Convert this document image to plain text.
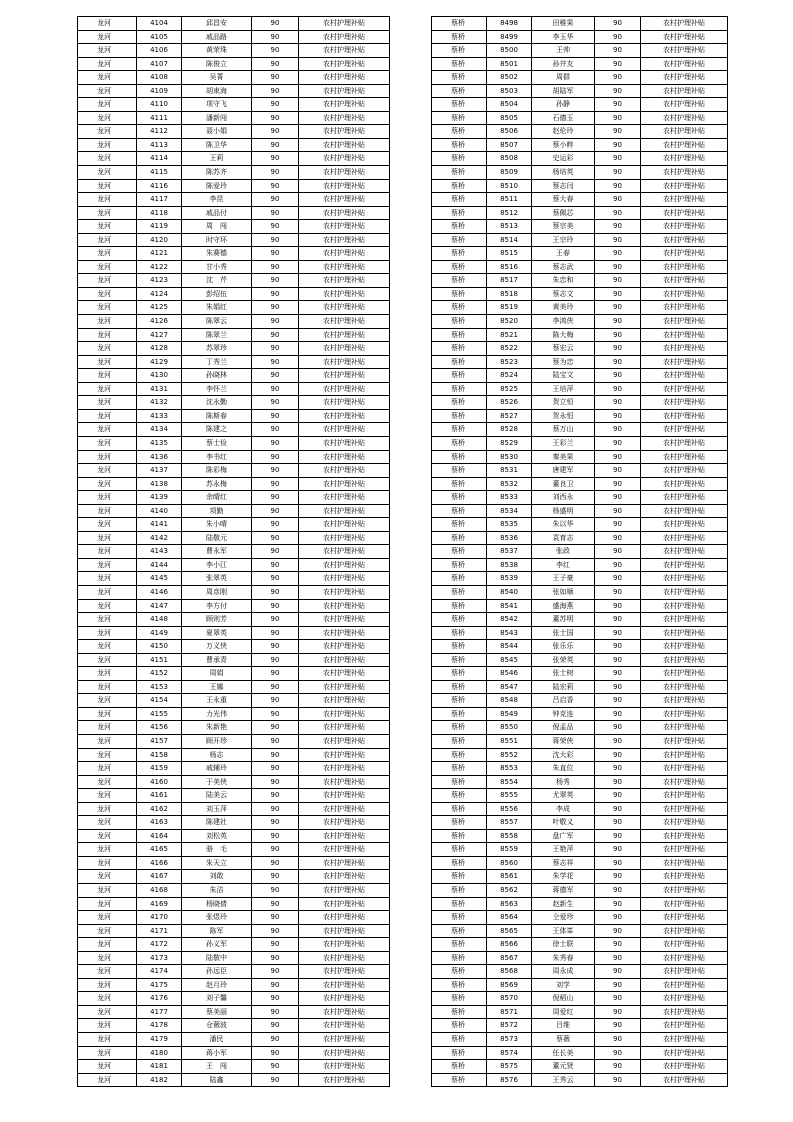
龙河	4104	邱昌安	90	农村护理补贴
龙河	4105	戚品路	90	农村护理补贴
龙河	4106	黄荣珠	90	农村护理补贴
龙河	4107	陈俊立	90	农村护理补贴
龙河	4108	吴菁	90	农村护理补贴
龙河	4109	胡束海	90	农村护理补贴
龙河	4110	项守飞	90	农村护理补贴
龙河	4111	潘新闯	90	农村护理补贴
龙河	4112	聂小娟	90	农村护理补贴
龙河	4113	陈卫华	90	农村护理补贴
龙河	4114	王莉	90	农村护理补贴
龙河	4115	陈苏齐	90	农村护理补贴
龙河	4116	陈爱玲	90	农村护理补贴
龙河	4117	李昆	90	农村护理补贴
龙河	4118	戚品付	90	农村护理补贴
龙河	4119	周　闯	90	农村护理补贴
龙河	4120	时守环	90	农村护理补贴
龙河	4121	朱赛德	90	农村护理补贴
龙河	4122	甘小秀	90	农村护理补贴
龙河	4123	沈　芹	90	农村护理补贴
龙河	4124	彭绍伍	90	农村护理补贴
龙河	4125	朱娟红	90	农村护理补贴
龙河	4126	陈翠云	90	农村护理补贴
龙河	4127	陈翠兰	90	农村护理补贴
龙河	4128	苏翠珍	90	农村护理补贴
龙河	4129	丁秀兰	90	农村护理补贴
龙河	4130	孙晓林	90	农村护理补贴
龙河	4131	李怀兰	90	农村护理补贴
龙河	4132	沈永勤	90	农村护理补贴
龙河	4133	陈斯春	90	农村护理补贴
龙河	4134	陈建之	90	农村护理补贴
龙河	4135	蔡士俭	90	农村护理补贴
龙河	4136	李书红	90	农村护理补贴
龙河	4137	陈彩梅	90	农村护理补贴
龙河	4138	苏永梅	90	农村护理补贴
龙河	4139	余晴红	90	农村护理补贴
龙河	4140	项勤	90	农村护理补贴
龙河	4141	朱小晴	90	农村护理补贴
龙河	4142	陆敬元	90	农村护理补贴
龙河	4143	曹永军	90	农村护理补贴
龙河	4144	李小江	90	农村护理补贴
龙河	4145	张翠英	90	农村护理补贴
龙河	4146	周彦刚	90	农村护理补贴
龙河	4147	李方付	90	农村护理补贴
龙河	4148	顾则芳	90	农村护理补贴
龙河	4149	夏翠英	90	农村护理补贴
龙河	4150	万义侠	90	农村护理补贴
龙河	4151	曹承青	90	农村护理补贴
龙河	4152	周娟	90	农村护理补贴
龙河	4153	王娜	90	农村护理补贴
龙河	4154	王永重	90	农村护理补贴
龙河	4155	力光伟	90	农村护理补贴
龙河	4156	朱新艳	90	农村护理补贴
龙河	4157	顾开珍	90	农村护理补贴
龙河	4158	杨志	90	农村护理补贴
龙河	4159	戚辅玲	90	农村护理补贴
龙河	4160	于美侠	90	农村护理补贴
龙河	4161	陆美云	90	农村护理补贴
龙河	4162	刘玉萍	90	农村护理补贴
龙河	4163	陈建社	90	农村护理补贴
龙河	4164	刘松英	90	农村护理补贴
龙河	4165	骆　毛	90	农村护理补贴
龙河	4166	朱天立	90	农村护理补贴
龙河	4167	刘敢	90	农村护理补贴
龙河	4168	朱洁	90	农村护理补贴
龙河	4169	杨晓倩	90	农村护理补贴
龙河	4170	张煜玲	90	农村护理补贴
龙河	4171	陈军	90	农村护理补贴
龙河	4172	孙义军	90	农村护理补贴
龙河	4173	陆敬中	90	农村护理补贴
龙河	4174	孙远臣	90	农村护理补贴
龙河	4175	赵月玲	90	农村护理补贴
龙河	4176	刘子馨	90	农村护理补贴
龙河	4177	蔡美丽	90	农村护理补贴
龙河	4178	仓薇波	90	农村护理补贴
龙河	4179	潘民	90	农村护理补贴
龙河	4180	蒋小军	90	农村护理补贴
龙河	4181	王　闯	90	农村护理补贴
龙河	4182	陆鑫	90	农村护理补贴
蔡桥	8498	田稚果	90	农村护理补贴
蔡桥	8499	李玉华	90	农村护理补贴
蔡桥	8500	王帅	90	农村护理补贴
蔡桥	8501	孙井友	90	农村护理补贴
蔡桥	8502	周群	90	农村护理补贴
蔡桥	8503	胡陆军	90	农村护理补贴
蔡桥	8504	孙静	90	农村护理补贴
蔡桥	8505	石德玉	90	农村护理补贴
蔡桥	8506	赵伦玲	90	农村护理补贴
蔡桥	8507	蔡小粹	90	农村护理补贴
蔡桥	8508	史运彩	90	农村护理补贴
蔡桥	8509	杨培英	90	农村护理补贴
蔡桥	8510	蔡志闫	90	农村护理补贴
蔡桥	8511	蔡大春	90	农村护理补贴
蔡桥	8512	蔡佩芯	90	农村护理补贴
蔡桥	8513	蔡宗美	90	农村护理补贴
蔡桥	8514	王宗玲	90	农村护理补贴
蔡桥	8515	王春	90	农村护理补贴
蔡桥	8516	蔡志武	90	农村护理补贴
蔡桥	8517	朱忠和	90	农村护理补贴
蔡桥	8518	蔡志文	90	农村护理补贴
蔡桥	8519	黄美玲	90	农村护理补贴
蔡桥	8520	李鸿侠	90	农村护理补贴
蔡桥	8521	陈大梅	90	农村护理补贴
蔡桥	8522	蔡宏云	90	农村护理补贴
蔡桥	8523	蔡为忠	90	农村护理补贴
蔡桥	8524	陆宝文	90	农村护理补贴
蔡桥	8525	王培萍	90	农村护理补贴
蔡桥	8526	贺立恒	90	农村护理补贴
蔡桥	8527	贺永恒	90	农村护理补贴
蔡桥	8528	蔡万山	90	农村护理补贴
蔡桥	8529	王彩兰	90	农村护理补贴
蔡桥	8530	秦美果	90	农村护理补贴
蔡桥	8531	唐建军	90	农村护理补贴
蔡桥	8532	董良卫	90	农村护理补贴
蔡桥	8533	刘西永	90	农村护理补贴
蔡桥	8534	杨盛明	90	农村护理补贴
蔡桥	8535	朱以华	90	农村护理补贴
蔡桥	8536	袁育志	90	农村护理补贴
蔡桥	8537	张政	90	农村护理补贴
蔡桥	8538	李红	90	农村护理补贴
蔡桥	8539	王子豪	90	农村护理补贴
蔡桥	8540	张如顺	90	农村护理补贴
蔡桥	8541	盛海燕	90	农村护理补贴
蔡桥	8542	董苏明	90	农村护理补贴
蔡桥	8543	张士国	90	农村护理补贴
蔡桥	8544	张乐乐	90	农村护理补贴
蔡桥	8545	张荣英	90	农村护理补贴
蔡桥	8546	张士树	90	农村护理补贴
蔡桥	8547	陆宏莉	90	农村护理补贴
蔡桥	8548	吕启香	90	农村护理补贴
蔡桥	8549	钟克连	90	农村护理补贴
蔡桥	8550	倪孟品	90	农村护理补贴
蔡桥	8551	蒋荣侠	90	农村护理补贴
蔡桥	8552	沈大彩	90	农村护理补贴
蔡桥	8553	朱直位	90	农村护理补贴
蔡桥	8554	杨秀	90	农村护理补贴
蔡桥	8555	尤翠英	90	农村护理补贴
蔡桥	8556	李成	90	农村护理补贴
蔡桥	8557	叶敬义	90	农村护理补贴
蔡桥	8558	盘广军	90	农村护理补贴
蔡桥	8559	王艳萍	90	农村护理补贴
蔡桥	8560	蔡志祥	90	农村护理补贴
蔡桥	8561	朱学花	90	农村护理补贴
蔡桥	8562	蒋德军	90	农村护理补贴
蔡桥	8563	赵新生	90	农村护理补贴
蔡桥	8564	仝爱珍	90	农村护理补贴
蔡桥	8565	王体峯	90	农村护理补贴
蔡桥	8566	徐士联	90	农村护理补贴
蔡桥	8567	朱秀春	90	农村护理补贴
蔡桥	8568	周永成	90	农村护理补贴
蔡桥	8569	刘学	90	农村护理补贴
蔡桥	8570	倪稻山	90	农村护理补贴
蔡桥	8571	周爱红	90	农村护理补贴
蔡桥	8572	吕维	90	农村护理补贴
蔡桥	8573	蔡薇	90	农村护理补贴
蔡桥	8574	任长美	90	农村护理补贴
蔡桥	8575	董元贤	90	农村护理补贴
蔡桥	8576	王秀云	90	农村护理补贴
